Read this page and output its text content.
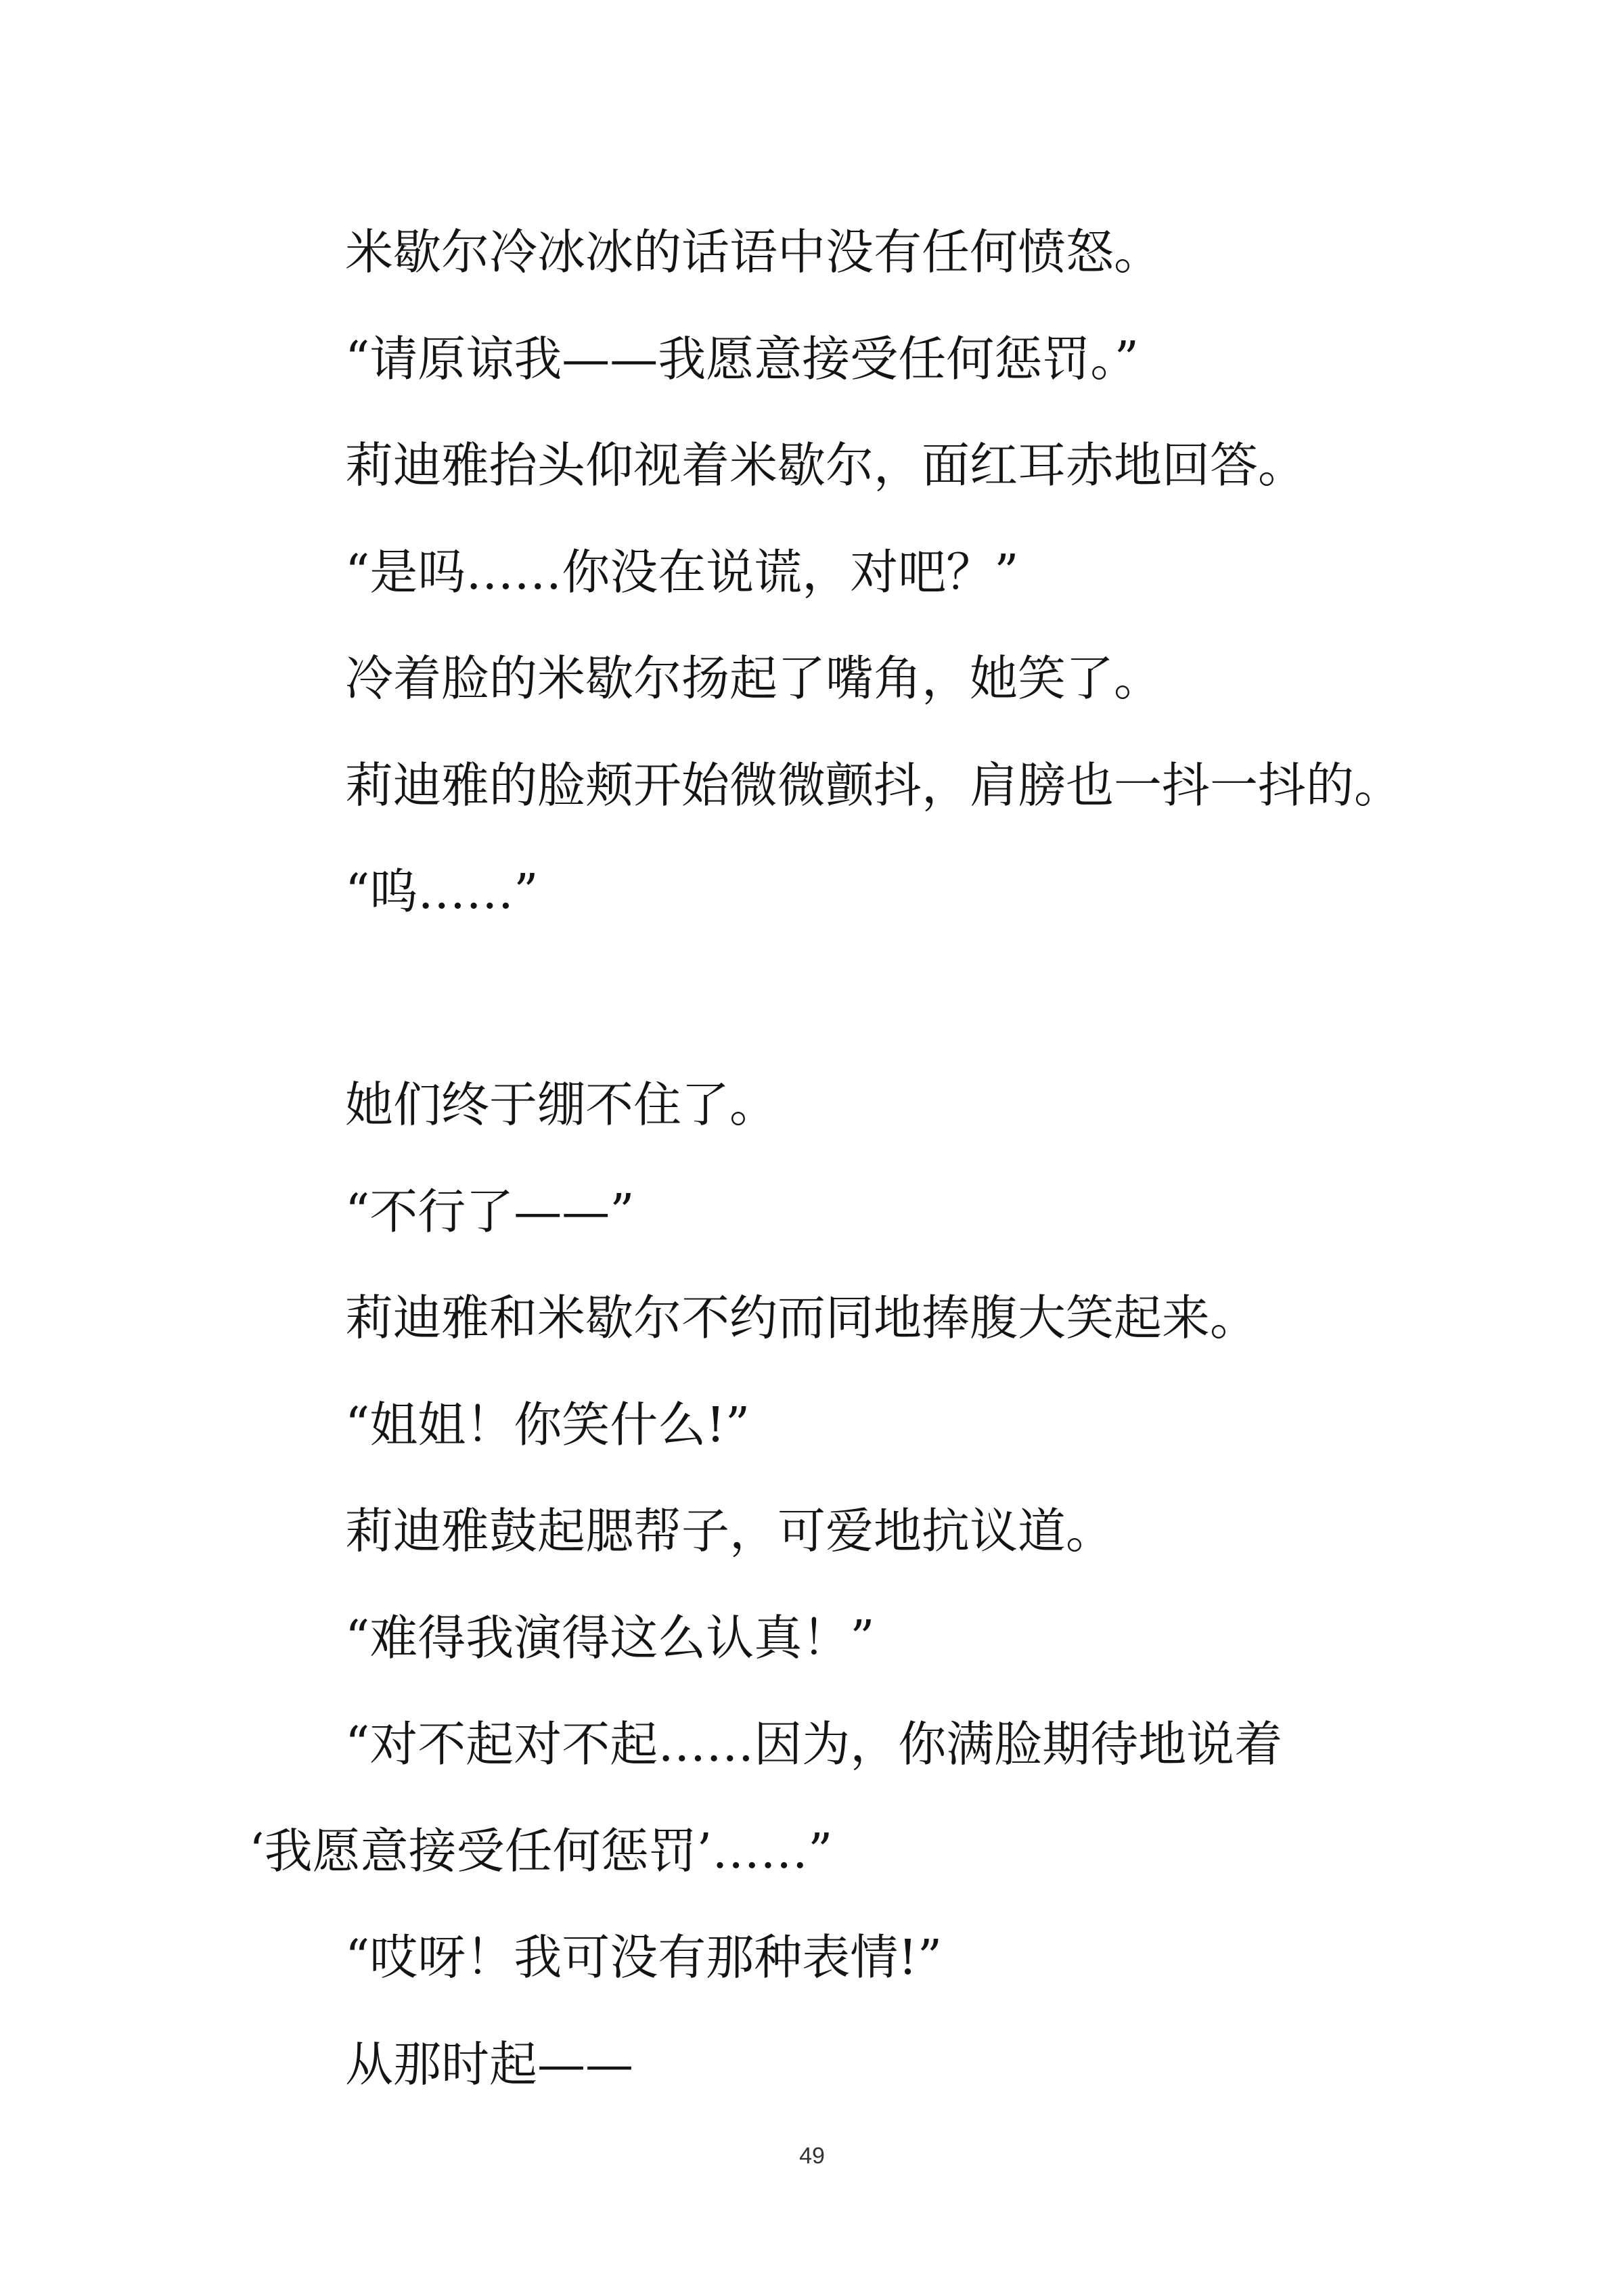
米歇尔冷冰冰的话语中没有任何愤怒。
“请原谅我——我愿意接受任何惩罚。”
莉迪雅抬头仰视着米歇尔，面红耳赤地回答。
“是吗……你没在说谎，对吧？”
冷着脸的米歇尔扬起了嘴角，她笑了。
莉迪雅的脸颊开始微微颤抖，肩膀也一抖一抖的。
“呜……”
她们终于绷不住了。
“不行了——”
莉迪雅和米歇尔不约而同地捧腹大笑起来。
“姐姐！你笑什么!”
莉迪雅鼓起腮帮子，可爱地抗议道。
“难得我演得这么认真！”
“对不起对不起……因为，你满脸期待地说着
‘我愿意接受任何惩罚’……”
“哎呀！我可没有那种表情!”
从那时起——
49
